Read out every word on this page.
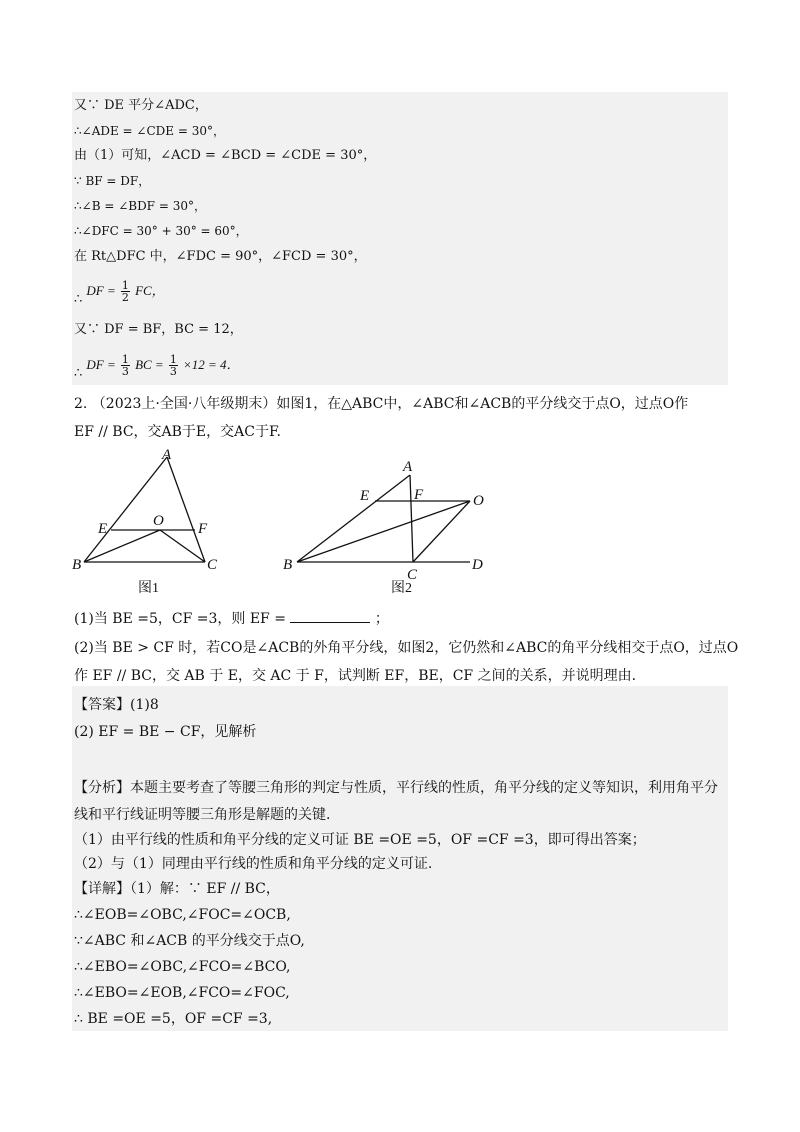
又∵ DE 平分∠ADC，
∴∠ADE = ∠CDE = 30°，
由（1）可知，∠ACD = ∠BCD = ∠CDE = 30°，
∵ BF = DF，
∴∠B = ∠BDF = 30°，
∴∠DFC = 30° + 30° = 60°，
在 Rt△DFC 中，∠FDC = 90°，∠FCD = 30°，
∴ DF = $\frac{1}{2}$ FC，
又∵ DF = BF，BC = 12，
∴ DF = $\frac{1}{3}$ BC = $\frac{1}{3} \times 12 = 4$．
2. （2023上·全国·八年级期末）如图1，在△ABC中，∠ABC和∠ACB的平分线交于点O，过点O作
EF // BC，交AB于E，交AC于F.
A
E	O F
B	C
图1
A
E	F	O
B
C
D
图2
(1)当 BE =5，CF =3，则 EF =	；
(2)当 BE > CF 时，若CO是∠ACB的外角平分线，如图2，它仍然和∠ABC的角平分线相交于点O，过点O
作 EF // BC，交 AB 于 E，交 AC 于 F，试判断 EF，BE，CF 之间的关系，并说明理由.
【答案】(1)8
(2) EF = BE − CF，见解析
【分析】本题主要考查了等腰三角形的判定与性质，平行线的性质，角平分线的定义等知识，利用角平分
线和平行线证明等腰三角形是解题的关键.
（1）由平行线的性质和角平分线的定义可证 BE =OE =5，OF =CF =3，即可得出答案；
（2）与（1）同理由平行线的性质和角平分线的定义可证.
【详解】（1）解：∵ EF // BC，
∴∠EOB=∠OBC,∠FOC=∠OCB,
∵∠ABC 和∠ACB 的平分线交于点O,
∴∠EBO=∠OBC,∠FCO=∠BCO,
∴∠EBO=∠EOB,∠FCO=∠FOC,
∴ BE =OE =5，OF =CF =3,
